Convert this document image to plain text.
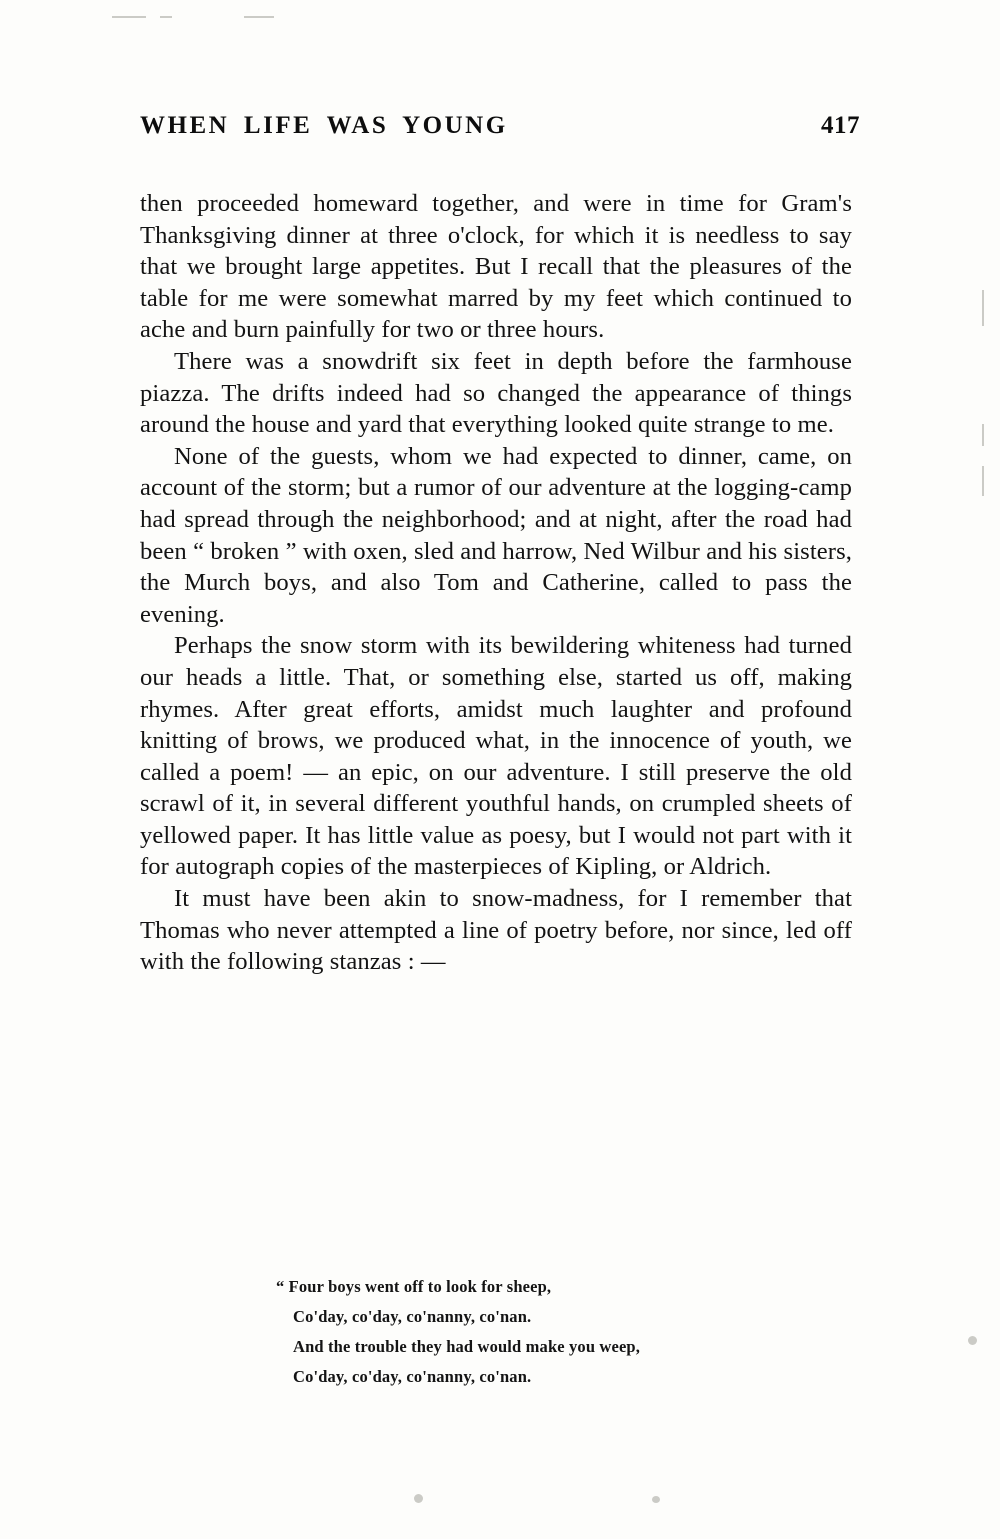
WHEN LIFE WAS YOUNG	417

then proceeded homeward together, and were in time for Gram's Thanksgiving dinner at three o'clock, for which it is needless to say that we brought large appetites. But I recall that the pleasures of the table for me were somewhat marred by my feet which continued to ache and burn painfully for two or three hours.

There was a snowdrift six feet in depth before the farmhouse piazza. The drifts indeed had so changed the appearance of things around the house and yard that everything looked quite strange to me.

None of the guests, whom we had expected to dinner, came, on account of the storm; but a rumor of our adventure at the logging-camp had spread through the neighborhood; and at night, after the road had been “ broken ” with oxen, sled and harrow, Ned Wilbur and his sisters, the Murch boys, and also Tom and Catherine, called to pass the evening.

Perhaps the snow storm with its bewildering whiteness had turned our heads a little. That, or something else, started us off, making rhymes. After great efforts, amidst much laughter and profound knitting of brows, we produced what, in the innocence of youth, we called a poem! — an epic, on our adventure. I still preserve the old scrawl of it, in several different youthful hands, on crumpled sheets of yellowed paper. It has little value as poesy, but I would not part with it for autograph copies of the masterpieces of Kipling, or Aldrich.

It must have been akin to snow-madness, for I remember that Thomas who never attempted a line of poetry before, nor since, led off with the following stanzas : —

“ Four boys went off to look for sheep,
Co'day, co'day, co'nanny, co'nan.
And the trouble they had would make you weep,
Co'day, co'day, co'nanny, co'nan.
